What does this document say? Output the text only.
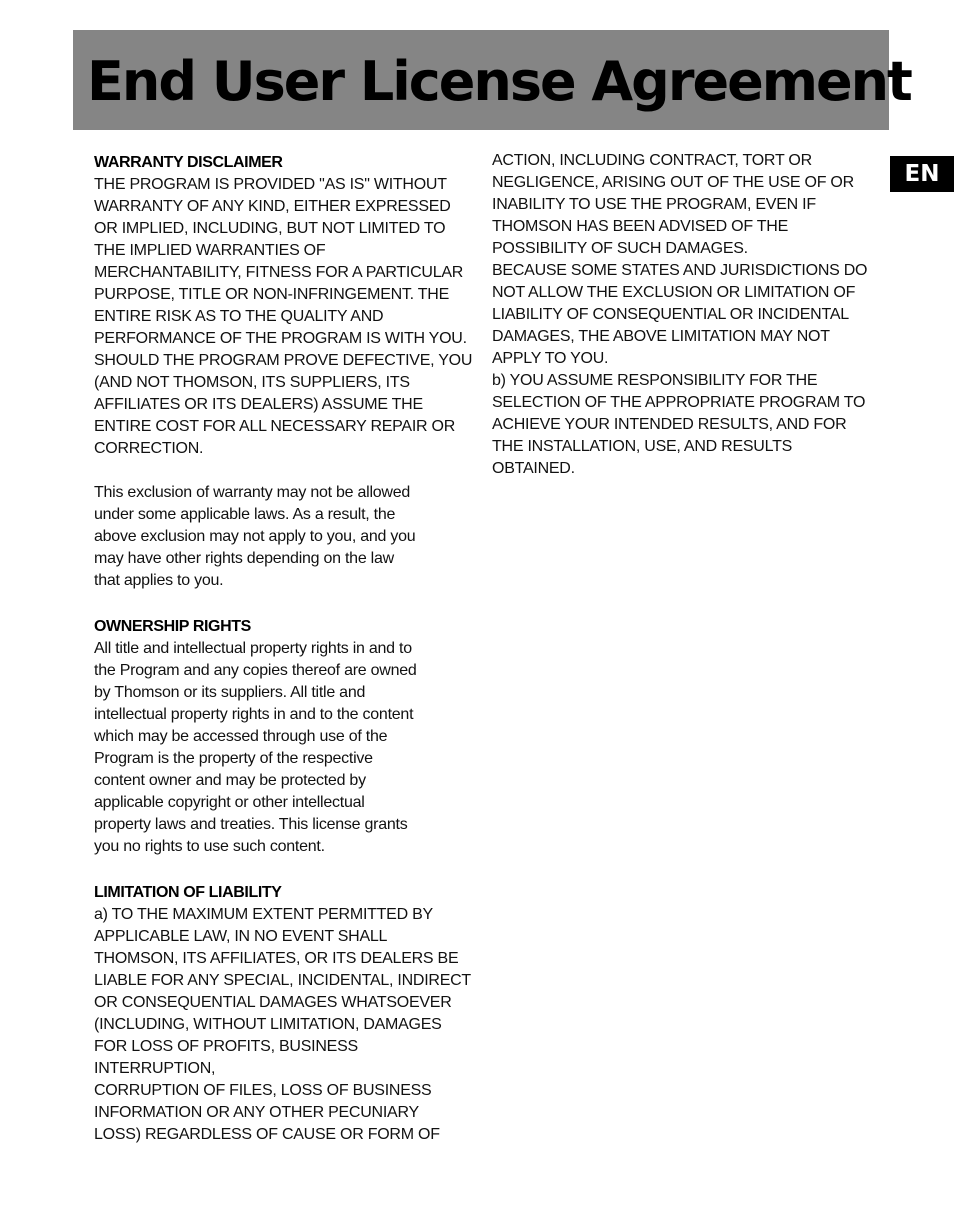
End User License Agreement
EN
WARRANTY DISCLAIMER

THE PROGRAM IS PROVIDED "AS IS" WITHOUT
WARRANTY OF ANY KIND, EITHER EXPRESSED
OR IMPLIED, INCLUDING, BUT NOT LIMITED TO
THE IMPLIED WARRANTIES OF
MERCHANTABILITY, FITNESS FOR A PARTICULAR
PURPOSE, TITLE OR NON-INFRINGEMENT. THE
ENTIRE RISK AS TO THE QUALITY AND
PERFORMANCE OF THE PROGRAM IS WITH YOU.
SHOULD THE PROGRAM PROVE DEFECTIVE, YOU
(AND NOT THOMSON, ITS SUPPLIERS, ITS
AFFILIATES OR ITS DEALERS) ASSUME THE
ENTIRE COST FOR ALL NECESSARY REPAIR OR
CORRECTION.

This exclusion of warranty may not be allowed
under some applicable laws. As a result, the
above exclusion may not apply to you, and you
may have other rights depending on the law
that applies to you.

OWNERSHIP RIGHTS

All title and intellectual property rights in and to
the Program and any copies thereof are owned
by Thomson or its suppliers. All title and
intellectual property rights in and to the content
which may be accessed through use of the
Program is the property of the respective
content owner and may be protected by
applicable copyright or other intellectual
property laws and treaties. This license grants
you no rights to use such content.

LIMITATION OF LIABILITY

a) TO THE MAXIMUM EXTENT PERMITTED BY
APPLICABLE LAW, IN NO EVENT SHALL
THOMSON, ITS AFFILIATES, OR ITS DEALERS BE
LIABLE FOR ANY SPECIAL, INCIDENTAL, INDIRECT
OR CONSEQUENTIAL DAMAGES WHATSOEVER
(INCLUDING, WITHOUT LIMITATION, DAMAGES
FOR LOSS OF PROFITS, BUSINESS INTERRUPTION,
CORRUPTION OF FILES, LOSS OF BUSINESS
INFORMATION OR ANY OTHER PECUNIARY
LOSS) REGARDLESS OF CAUSE OR FORM OF

ACTION, INCLUDING CONTRACT, TORT OR
NEGLIGENCE, ARISING OUT OF THE USE OF OR
INABILITY TO USE THE PROGRAM, EVEN IF
THOMSON HAS BEEN ADVISED OF THE
POSSIBILITY OF SUCH DAMAGES.
BECAUSE SOME STATES AND JURISDICTIONS DO
NOT ALLOW THE EXCLUSION OR LIMITATION OF
LIABILITY OF CONSEQUENTIAL OR INCIDENTAL
DAMAGES, THE ABOVE LIMITATION MAY NOT
APPLY TO YOU.

b) YOU ASSUME RESPONSIBILITY FOR THE
SELECTION OF THE APPROPRIATE PROGRAM TO
ACHIEVE YOUR INTENDED RESULTS, AND FOR
THE INSTALLATION, USE, AND RESULTS
OBTAINED.
